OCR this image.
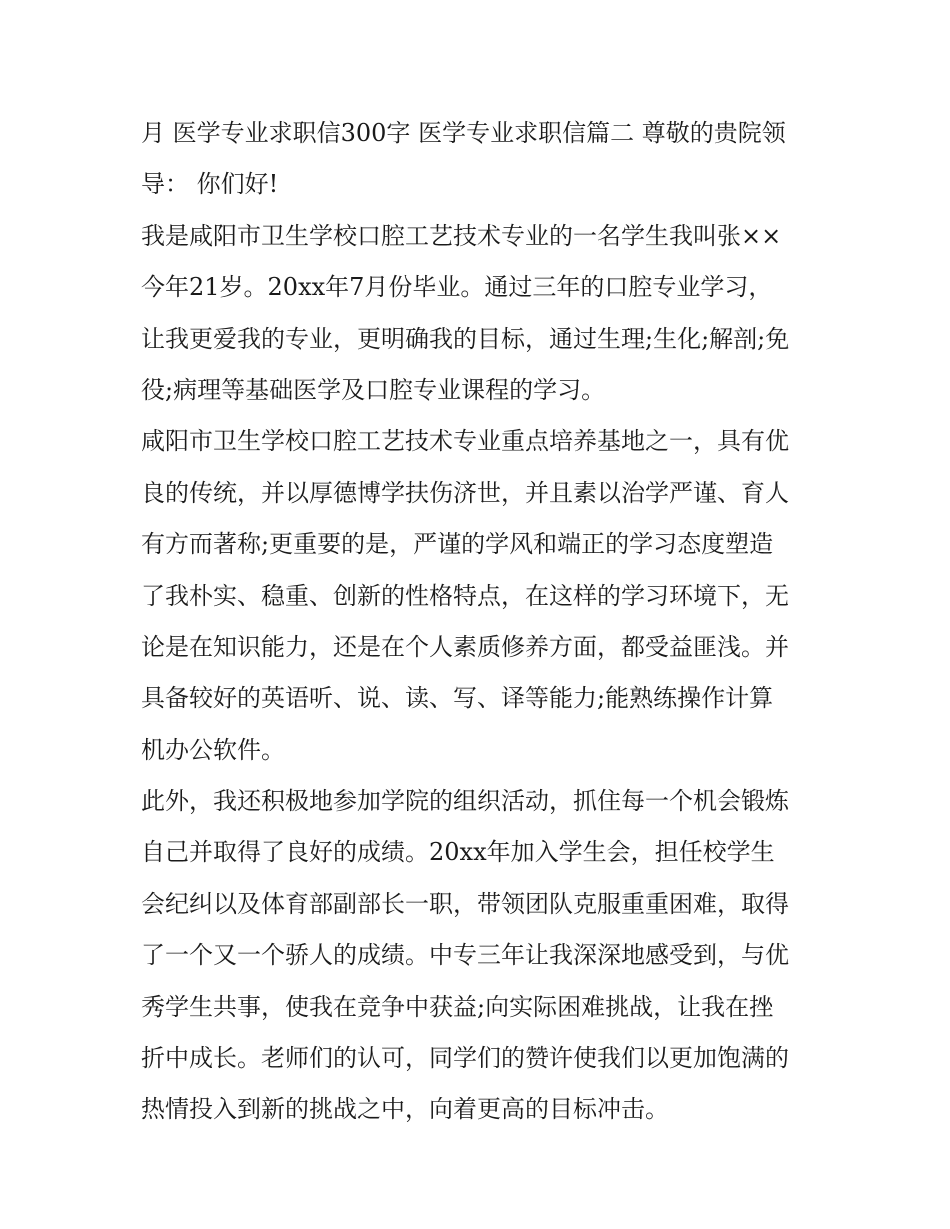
月 医学专业求职信300字 医学专业求职信篇二 尊敬的贵院领
导： 你们好!
我是咸阳市卫生学校口腔工艺技术专业的一名学生我叫张××
今年21岁。20xx年7月份毕业。通过三年的口腔专业学习，
让我更爱我的专业，更明确我的目标，通过生理;生化;解剖;免
役;病理等基础医学及口腔专业课程的学习。
咸阳市卫生学校口腔工艺技术专业重点培养基地之一，具有优
良的传统，并以厚德博学扶伤济世，并且素以治学严谨、育人
有方而著称;更重要的是，严谨的学风和端正的学习态度塑造
了我朴实、稳重、创新的性格特点，在这样的学习环境下，无
论是在知识能力，还是在个人素质修养方面，都受益匪浅。并
具备较好的英语听、说、读、写、译等能力;能熟练操作计算
机办公软件。
此外，我还积极地参加学院的组织活动，抓住每一个机会锻炼
自己并取得了良好的成绩。20xx年加入学生会，担任校学生
会纪纠以及体育部副部长一职，带领团队克服重重困难，取得
了一个又一个骄人的成绩。中专三年让我深深地感受到，与优
秀学生共事，使我在竞争中获益;向实际困难挑战，让我在挫
折中成长。老师们的认可，同学们的赞许使我们以更加饱满的
热情投入到新的挑战之中，向着更高的目标冲击。
